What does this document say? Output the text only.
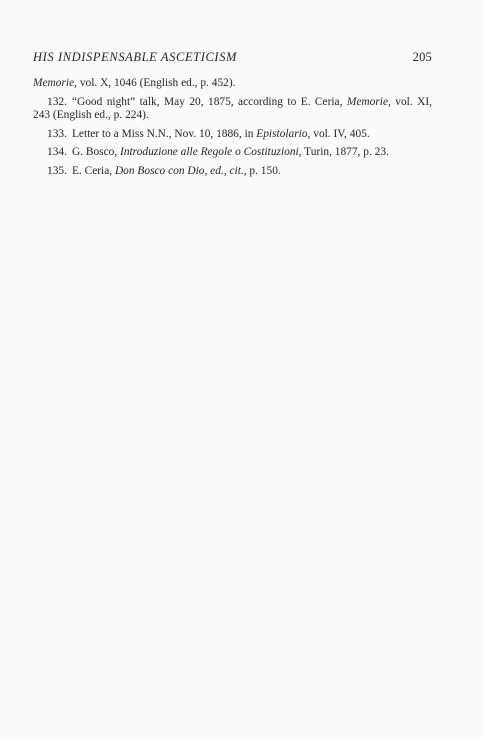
HIS INDISPENSABLE ASCETICISM	205

Memorie, vol. X, 1046 (English ed., p. 452).

132. “Good night” talk, May 20, 1875, according to E. Ceria, Memorie, vol. XI, 243 (English ed., p. 224).

133. Letter to a Miss N.N., Nov. 10, 1886, in Epistolario, vol. IV, 405.

134. G. Bosco, Introduzione alle Regole o Costituzioni, Turin, 1877, p. 23.

135. E. Ceria, Don Bosco con Dio, ed., cit., p. 150.
